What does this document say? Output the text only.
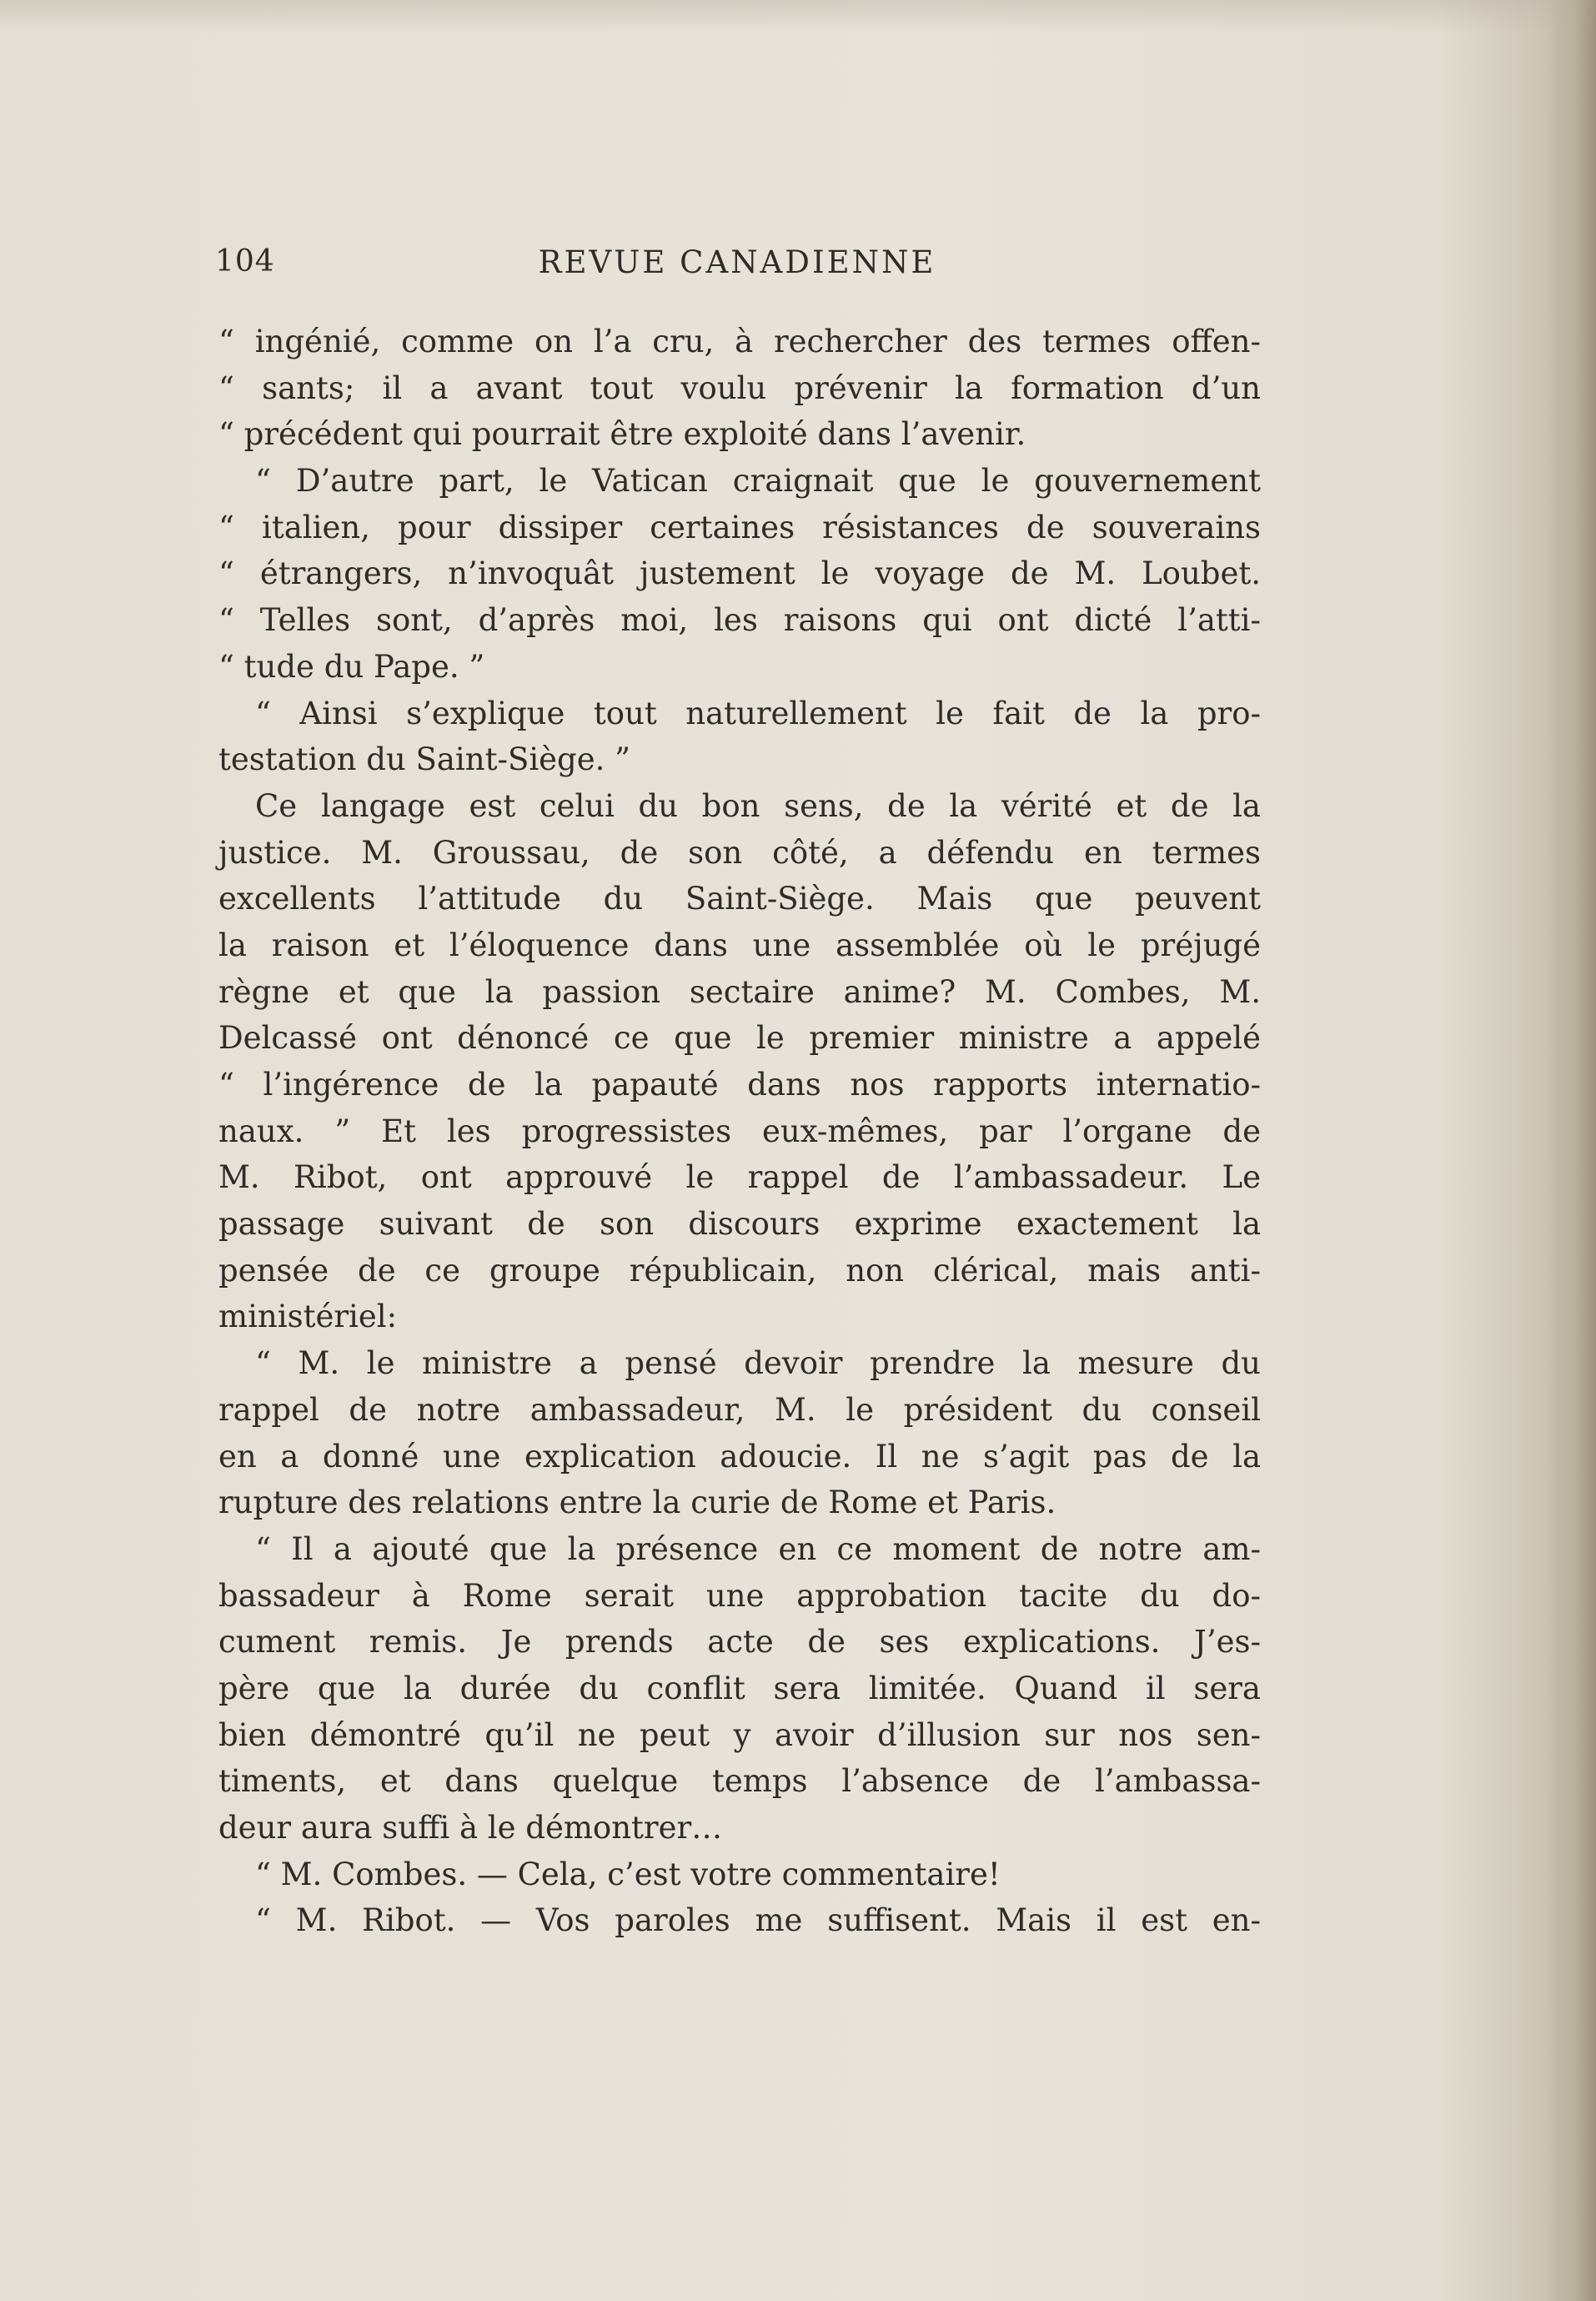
104	REVUE CANADIENNE
“ ingénié, comme on l’a cru, à rechercher des termes offen-
“ sants; il a avant tout voulu prévenir la formation d’un
“ précédent qui pourrait être exploité dans l’avenir.
“ D’autre part, le Vatican craignait que le gouvernement
“ italien, pour dissiper certaines résistances de souverains
“ étrangers, n’invoquât justement le voyage de M. Loubet.
“ Telles sont, d’après moi, les raisons qui ont dicté l’atti-
“ tude du Pape. ”
“ Ainsi s’explique tout naturellement le fait de la pro-
testation du Saint-Siège. ”
Ce langage est celui du bon sens, de la vérité et de la
justice. M. Groussau, de son côté, a défendu en termes
excellents l’attitude du Saint-Siège. Mais que peuvent
la raison et l’éloquence dans une assemblée où le préjugé
règne et que la passion sectaire anime? M. Combes, M.
Delcassé ont dénoncé ce que le premier ministre a appelé
“ l’ingérence de la papauté dans nos rapports internatio-
naux. ” Et les progressistes eux-mêmes, par l’organe de
M. Ribot, ont approuvé le rappel de l’ambassadeur. Le
passage suivant de son discours exprime exactement la
pensée de ce groupe républicain, non clérical, mais anti-
ministériel:
“ M. le ministre a pensé devoir prendre la mesure du
rappel de notre ambassadeur, M. le président du conseil
en a donné une explication adoucie. Il ne s’agit pas de la
rupture des relations entre la curie de Rome et Paris.
“ Il a ajouté que la présence en ce moment de notre am-
bassadeur à Rome serait une approbation tacite du do-
cument remis. Je prends acte de ses explications. J’es-
père que la durée du conflit sera limitée. Quand il sera
bien démontré qu’il ne peut y avoir d’illusion sur nos sen-
timents, et dans quelque temps l’absence de l’ambassa-
deur aura suffi à le démontrer…
“ M. Combes. — Cela, c’est votre commentaire!
“ M. Ribot. — Vos paroles me suffisent. Mais il est en-
